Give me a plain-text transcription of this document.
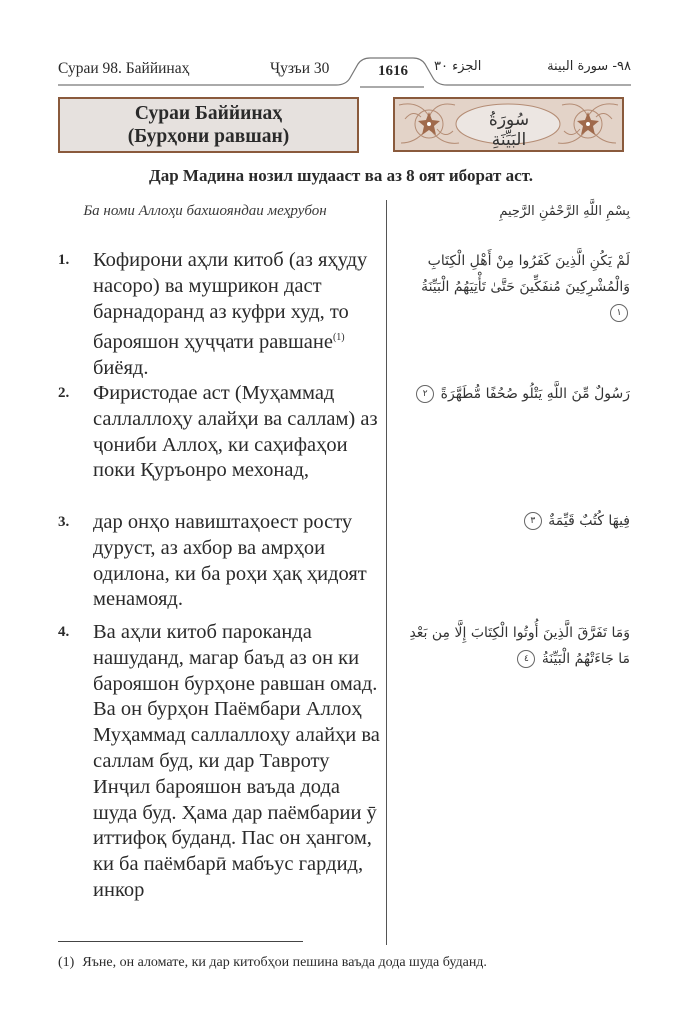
Сураи 98. Баййинаҳ	Ҷузъи 30	1616	الجزء ٣٠	٩٨- سورة البينة
Сураи Баййинаҳ
(Бурҳони равшан)
سُورَةُ البَيِّنَةِ
Дар Мадина нозил шудааст ва аз 8 оят иборат аст.
Ба номи Аллоҳи бахшояндаи меҳрубон	بِسْمِ اللَّهِ الرَّحْمَٰنِ الرَّحِيمِ
1. Кофирони аҳли китоб (аз яҳуду насоро) ва мушрикон даст барнадоранд аз куфри худ, то барояшон ҳуҷҷати равшане$^{(1)}$ биёяд.
لَمْ يَكُنِ الَّذِينَ كَفَرُوا مِنْ أَهْلِ الْكِتَابِ وَالْمُشْرِكِينَ مُنفَكِّينَ حَتَّىٰ تَأْتِيَهُمُ الْبَيِّنَةُ ١
2. Фиристодае аст (Муҳаммад саллаллоҳу алайҳи ва саллам) аз ҷониби Аллоҳ, ки саҳифаҳои поки Қуръонро мехонад,
رَسُولٌ مِّنَ اللَّهِ يَتْلُو صُحُفًا مُّطَهَّرَةً ٢
3. дар онҳо навиштаҳоест росту дуруст, аз ахбор ва амрҳои одилона, ки ба роҳи ҳақ ҳидоят менамояд.
فِيهَا كُتُبٌ قَيِّمَةٌ ٣
4. Ва аҳли китоб пароканда нашуданд, магар баъд аз он ки барояшон бурҳоне равшан омад. Ва он бурҳон Паёмбари Аллоҳ Муҳаммад саллаллоҳу алайҳи ва саллам буд, ки дар Тавроту Инҷил барояшон ваъда дода шуда буд. Ҳама дар паёмбарии ӯ иттифоқ буданд. Пас он ҳангом, ки ба паёмбарӣ мабъус гардид, инкор
وَمَا تَفَرَّقَ الَّذِينَ أُوتُوا الْكِتَابَ إِلَّا مِن بَعْدِ مَا جَاءَتْهُمُ الْبَيِّنَةُ ٤
(1) Яъне, он аломате, ки дар китобҳои пешина ваъда дода шуда буданд.
